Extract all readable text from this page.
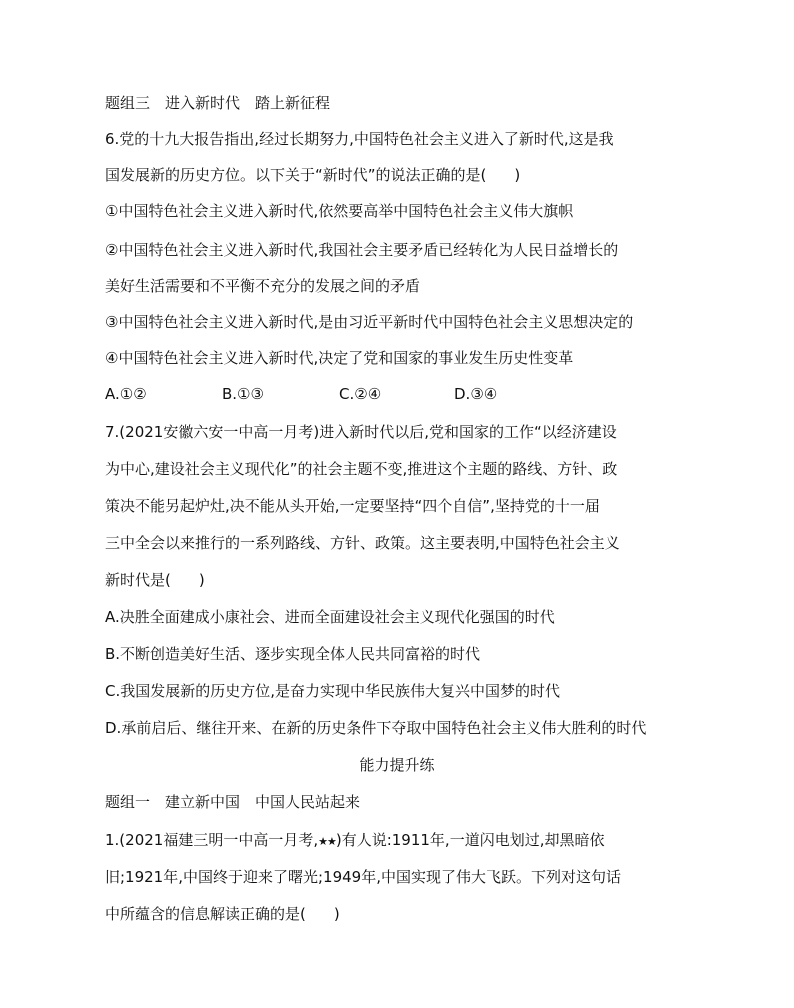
题组三　进入新时代　踏上新征程
6.党的十九大报告指出,经过长期努力,中国特色社会主义进入了新时代,这是我
国发展新的历史方位。以下关于“新时代”的说法正确的是( )
①中国特色社会主义进入新时代,依然要高举中国特色社会主义伟大旗帜
②中国特色社会主义进入新时代,我国社会主要矛盾已经转化为人民日益增长的
美好生活需要和不平衡不充分的发展之间的矛盾
③中国特色社会主义进入新时代,是由习近平新时代中国特色社会主义思想决定的
④中国特色社会主义进入新时代,决定了党和国家的事业发生历史性变革
A.①②	B.①③	C.②④	D.③④
7.(2021安徽六安一中高一月考)进入新时代以后,党和国家的工作“以经济建设
为中心,建设社会主义现代化”的社会主题不变,推进这个主题的路线、方针、政
策决不能另起炉灶,决不能从头开始,一定要坚持“四个自信”,坚持党的十一届
三中全会以来推行的一系列路线、方针、政策。这主要表明,中国特色社会主义
新时代是( )
A.决胜全面建成小康社会、进而全面建设社会主义现代化强国的时代
B.不断创造美好生活、逐步实现全体人民共同富裕的时代
C.我国发展新的历史方位,是奋力实现中华民族伟大复兴中国梦的时代
D.承前启后、继往开来、在新的历史条件下夺取中国特色社会主义伟大胜利的时代
能力提升练
题组一　建立新中国　中国人民站起来
1.(2021福建三明一中高一月考,★★)有人说:1911年,一道闪电划过,却黑暗依
旧;1921年,中国终于迎来了曙光;1949年,中国实现了伟大飞跃。下列对这句话
中所蕴含的信息解读正确的是( )
